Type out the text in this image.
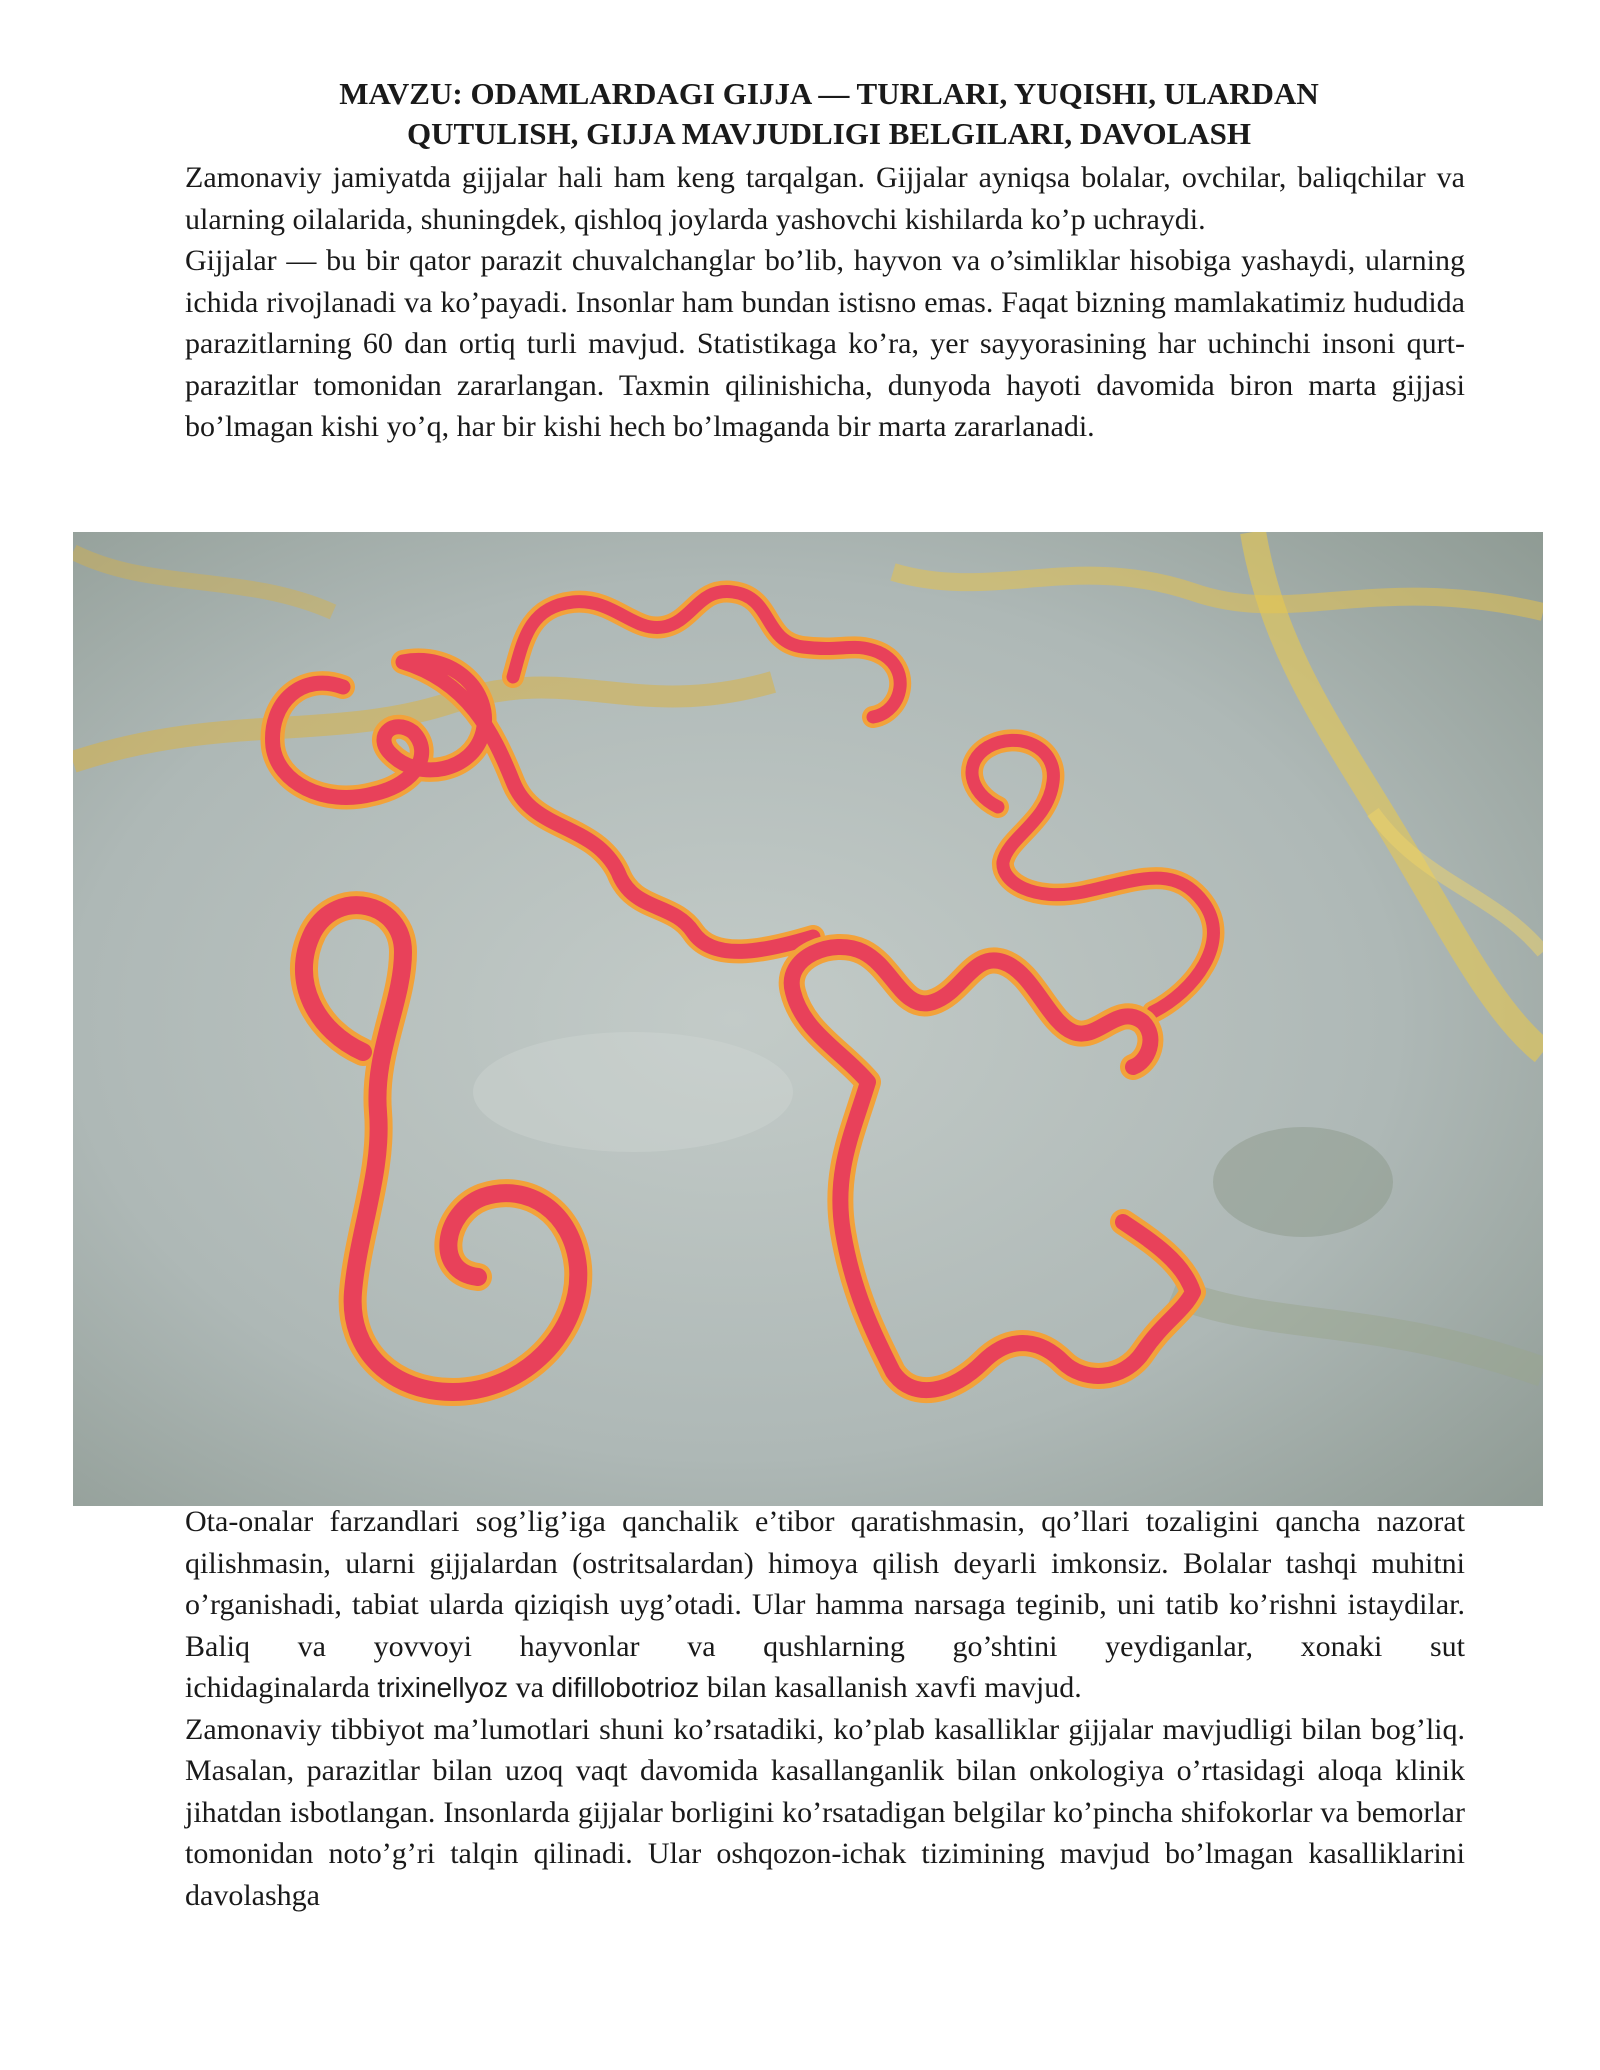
MAVZU: ODAMLARDAGI GIJJA — TURLARI, YUQISHI, ULARDAN
QUTULISH, GIJJA MAVJUDLIGI BELGILARI, DAVOLASH

Zamonaviy jamiyatda gijjalar hali ham keng tarqalgan. Gijjalar ayniqsa bolalar, ovchilar, baliqchilar va ularning oilalarida, shuningdek, qishloq joylarda yashovchi kishilarda ko’p uchraydi.

Gijjalar — bu bir qator parazit chuvalchanglar bo’lib, hayvon va o’simliklar hisobiga yashaydi, ularning ichida rivojlanadi va ko’payadi. Insonlar ham bundan istisno emas. Faqat bizning mamlakatimiz hududida parazitlarning 60 dan ortiq turli mavjud. Statistikaga ko’ra, yer sayyorasining har uchinchi insoni qurt-parazitlar tomonidan zararlangan. Taxmin qilinishicha, dunyoda hayoti davomida biron marta gijjasi bo’lmagan kishi yo’q, har bir kishi hech bo’lmaganda bir marta zararlanadi.

Ota-onalar farzandlari sog’lig’iga qanchalik e’tibor qaratishmasin, qo’llari tozaligini qancha nazorat qilishmasin, ularni gijjalardan (ostritsalardan) himoya qilish deyarli imkonsiz. Bolalar tashqi muhitni o’rganishadi, tabiat ularda qiziqish uyg’otadi. Ular hamma narsaga teginib, uni tatib ko’rishni istaydilar. Baliq va yovvoyi hayvonlar va qushlarning go’shtini yeydiganlar, xonaki sut

ichidaginalarda trixinellyoz va difillobotrioz bilan kasallanish xavfi mavjud.

Zamonaviy tibbiyot ma’lumotlari shuni ko’rsatadiki, ko’plab kasalliklar gijjalar mavjudligi bilan bog’liq. Masalan, parazitlar bilan uzoq vaqt davomida kasallanganlik bilan onkologiya o’rtasidagi aloqa klinik jihatdan isbotlangan. Insonlarda gijjalar borligini ko’rsatadigan belgilar ko’pincha shifokorlar va bemorlar tomonidan noto’g’ri talqin qilinadi. Ular oshqozon-ichak tizimining mavjud bo’lmagan kasalliklarini davolashga
